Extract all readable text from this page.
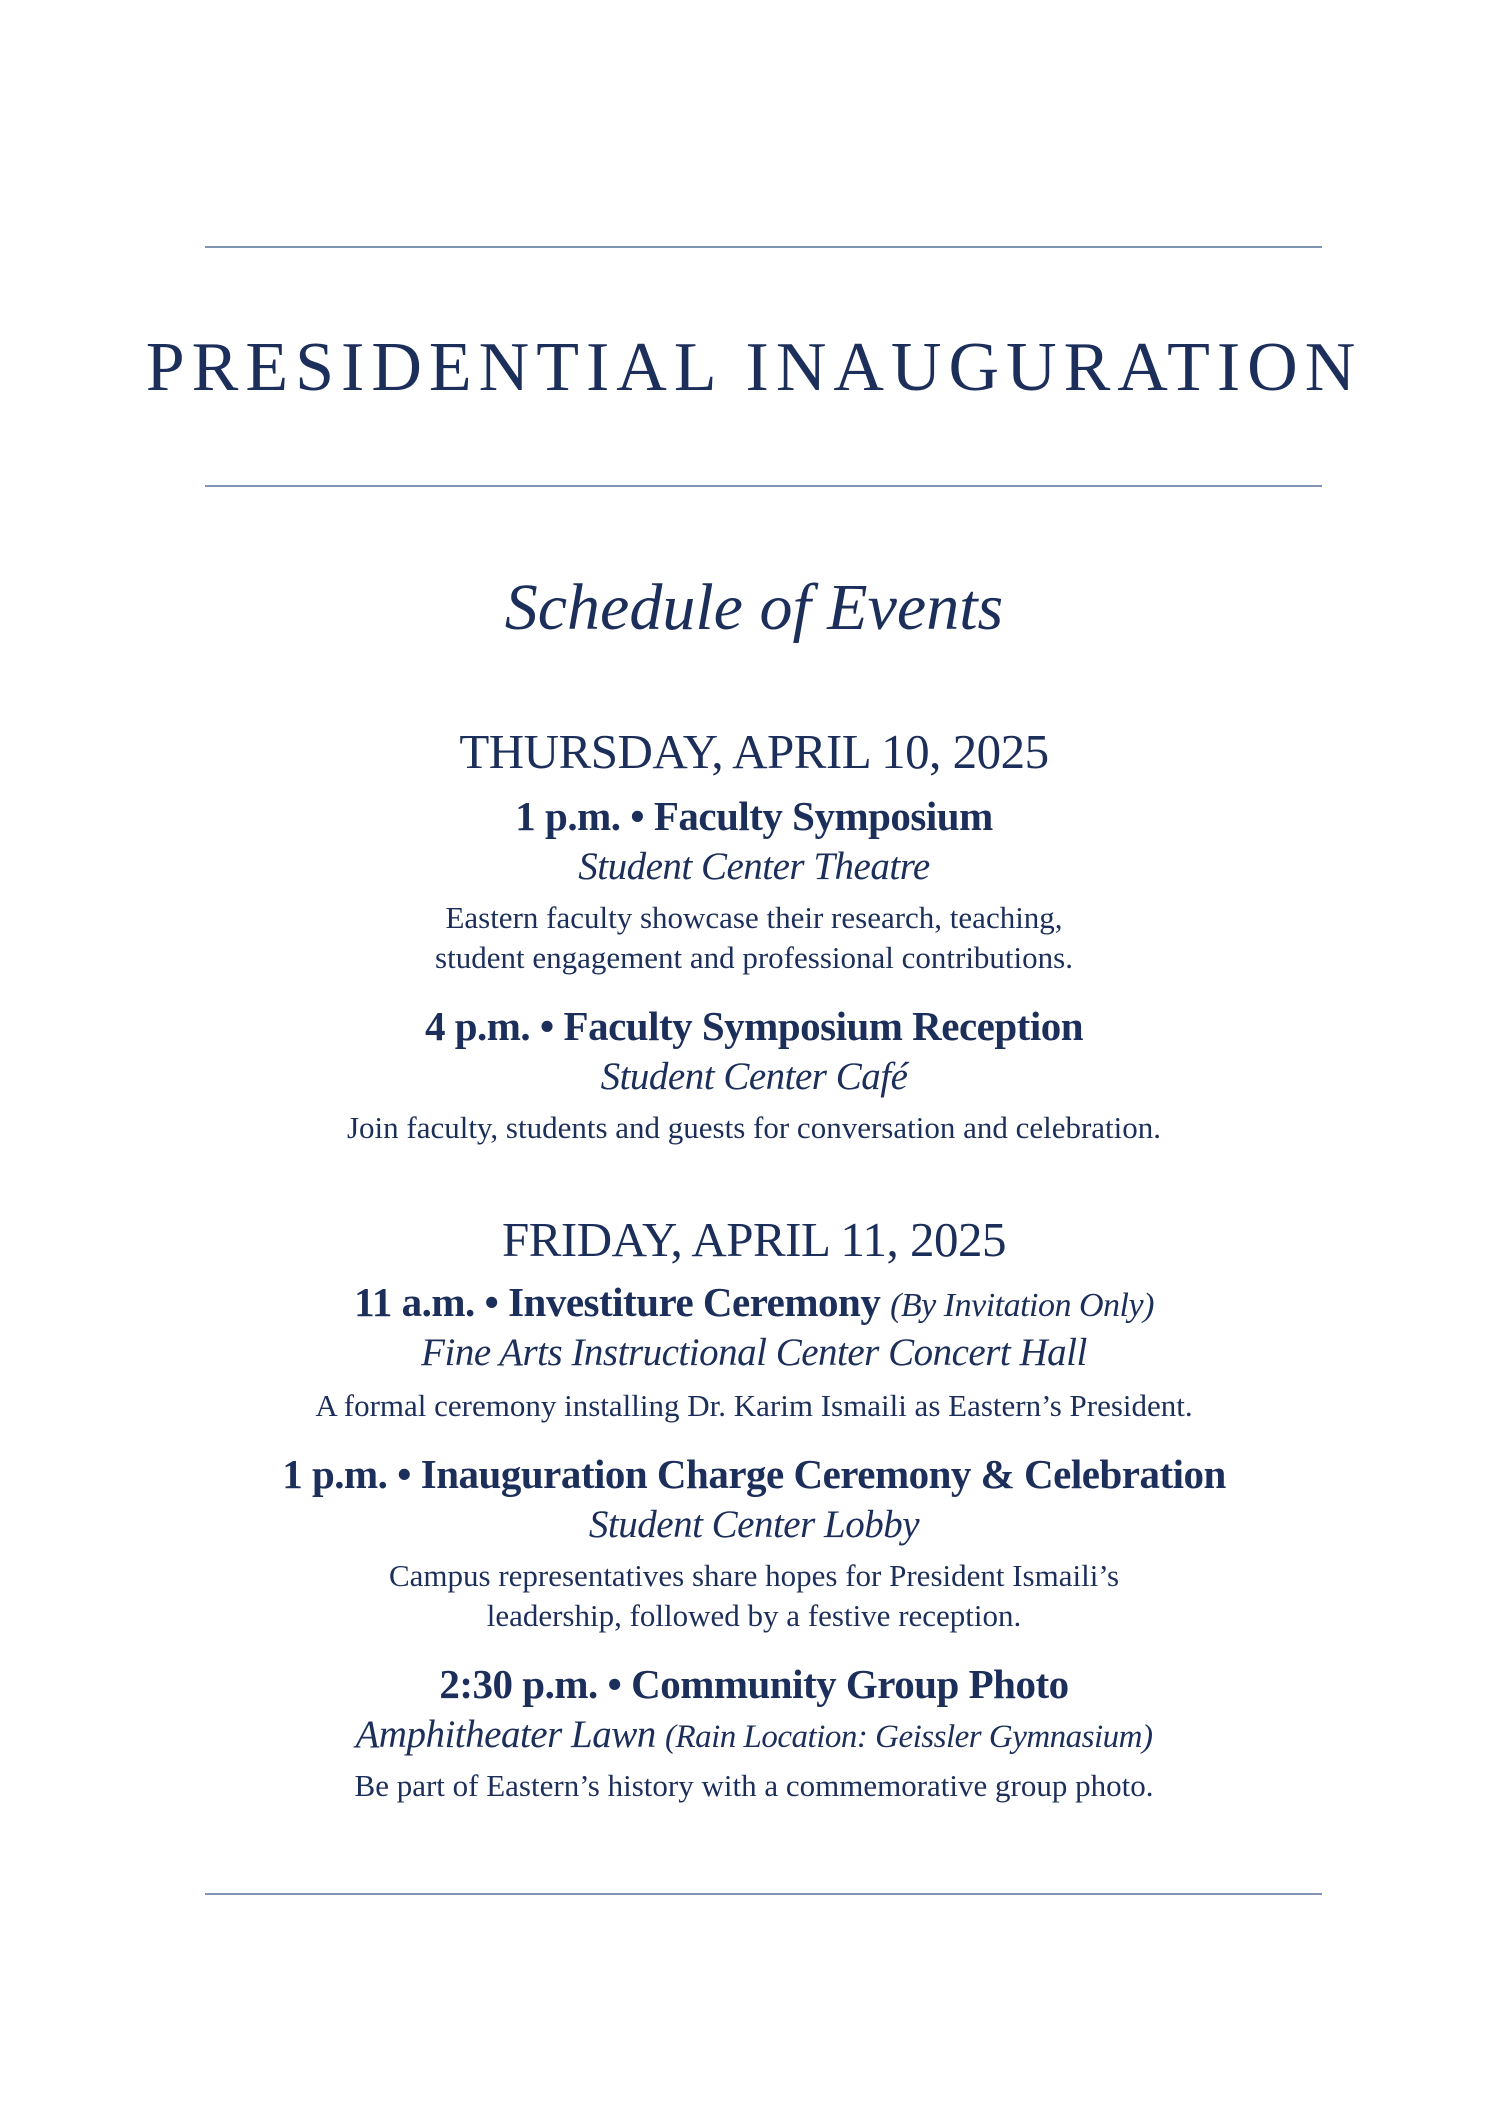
PRESIDENTIAL INAUGURATION
Schedule of Events
THURSDAY, APRIL 10, 2025
1 p.m. • Faculty Symposium
Student Center Theatre
Eastern faculty showcase their research, teaching,
student engagement and professional contributions.
4 p.m. • Faculty Symposium Reception
Student Center Café
Join faculty, students and guests for conversation and celebration.
FRIDAY, APRIL 11, 2025
11 a.m. • Investiture Ceremony (By Invitation Only)
Fine Arts Instructional Center Concert Hall
A formal ceremony installing Dr. Karim Ismaili as Eastern’s President.
1 p.m. • Inauguration Charge Ceremony & Celebration
Student Center Lobby
Campus representatives share hopes for President Ismaili’s
leadership, followed by a festive reception.
2:30 p.m. • Community Group Photo
Amphitheater Lawn (Rain Location: Geissler Gymnasium)
Be part of Eastern’s history with a commemorative group photo.
